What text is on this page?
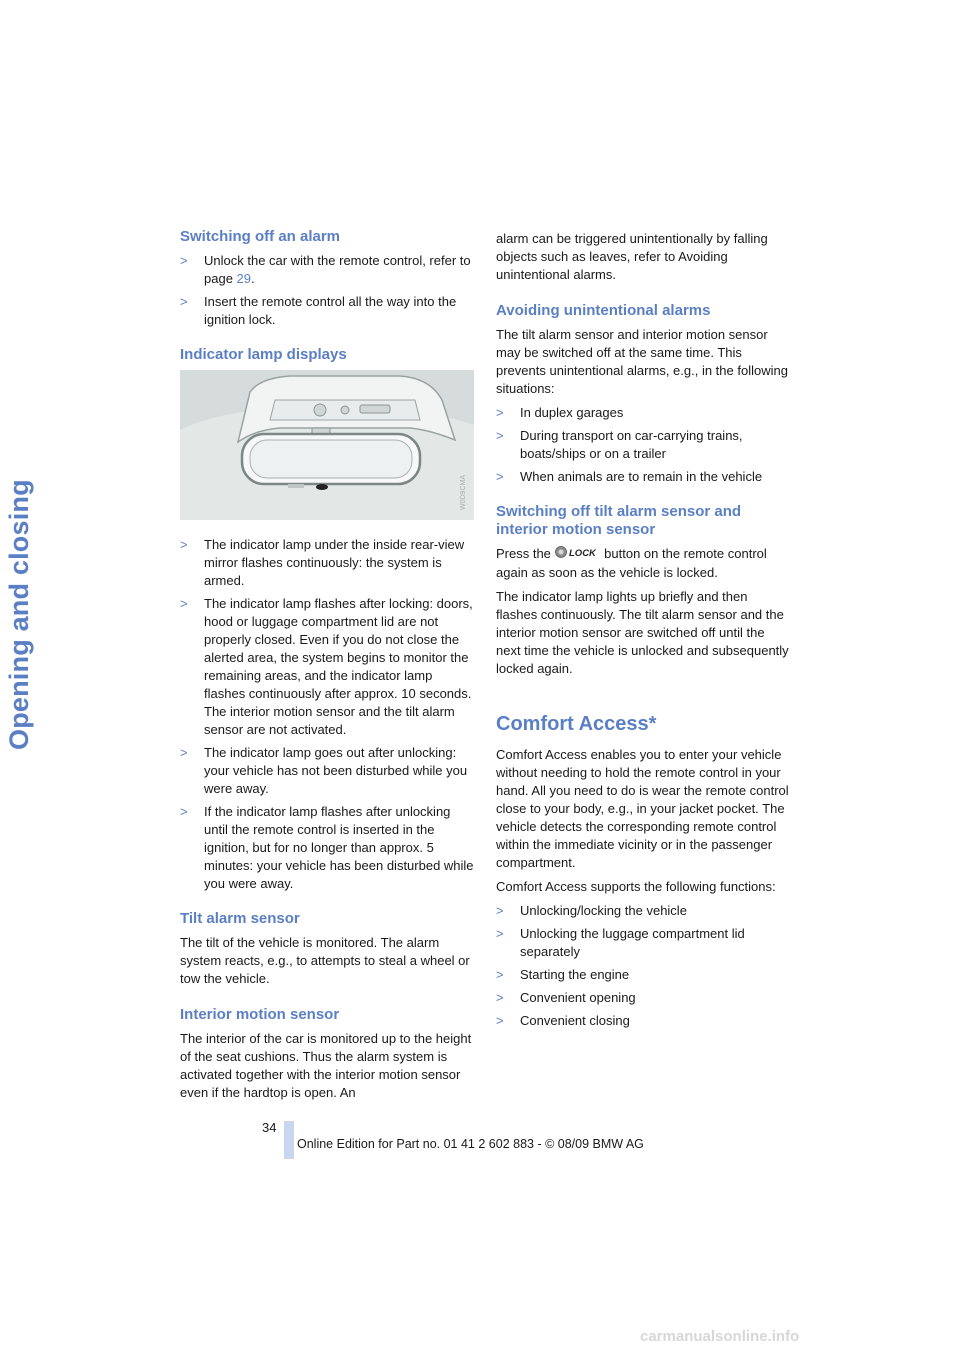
Opening and closing
Switching off an alarm
> Unlock the car with the remote control, refer to page 29.
> Insert the remote control all the way into the ignition lock.
Indicator lamp displays
W0D9CMA
> The indicator lamp under the inside rear-view mirror flashes continuously: the system is armed.
> The indicator lamp flashes after locking: doors, hood or luggage compartment lid are not properly closed. Even if you do not close the alerted area, the system begins to monitor the remaining areas, and the indicator lamp flashes continuously after approx. 10 seconds. The interior motion sensor and the tilt alarm sensor are not activated.
> The indicator lamp goes out after unlocking: your vehicle has not been disturbed while you were away.
> If the indicator lamp flashes after unlocking until the remote control is inserted in the ignition, but for no longer than approx. 5 minutes: your vehicle has been disturbed while you were away.
Tilt alarm sensor

The tilt of the vehicle is monitored. The alarm system reacts, e.g., to attempts to steal a wheel or tow the vehicle.

Interior motion sensor

The interior of the car is monitored up to the height of the seat cushions. Thus the alarm system is activated together with the interior motion sensor even if the hardtop is open. An

alarm can be triggered unintentionally by falling objects such as leaves, refer to Avoiding unintentional alarms.

Avoiding unintentional alarms

The tilt alarm sensor and interior motion sensor may be switched off at the same time. This prevents unintentional alarms, e.g., in the following situations:

> In duplex garages
> During transport on car-carrying trains, boats/ships or on a trailer
> When animals are to remain in the vehicle
Switching off tilt alarm sensor and interior motion sensor

Press the LOCK button on the remote control again as soon as the vehicle is locked.

The indicator lamp lights up briefly and then flashes continuously. The tilt alarm sensor and the interior motion sensor are switched off until the next time the vehicle is unlocked and subsequently locked again.

Comfort Access*

Comfort Access enables you to enter your vehicle without needing to hold the remote control in your hand. All you need to do is wear the remote control close to your body, e.g., in your jacket pocket. The vehicle detects the corresponding remote control within the immediate vicinity or in the passenger compartment.

Comfort Access supports the following functions:

> Unlocking/locking the vehicle
> Unlocking the luggage compartment lid separately
> Starting the engine
> Convenient opening
> Convenient closing
34
Online Edition for Part no. 01 41 2 602 883 - © 08/09 BMW AG
carmanualsonline.info
